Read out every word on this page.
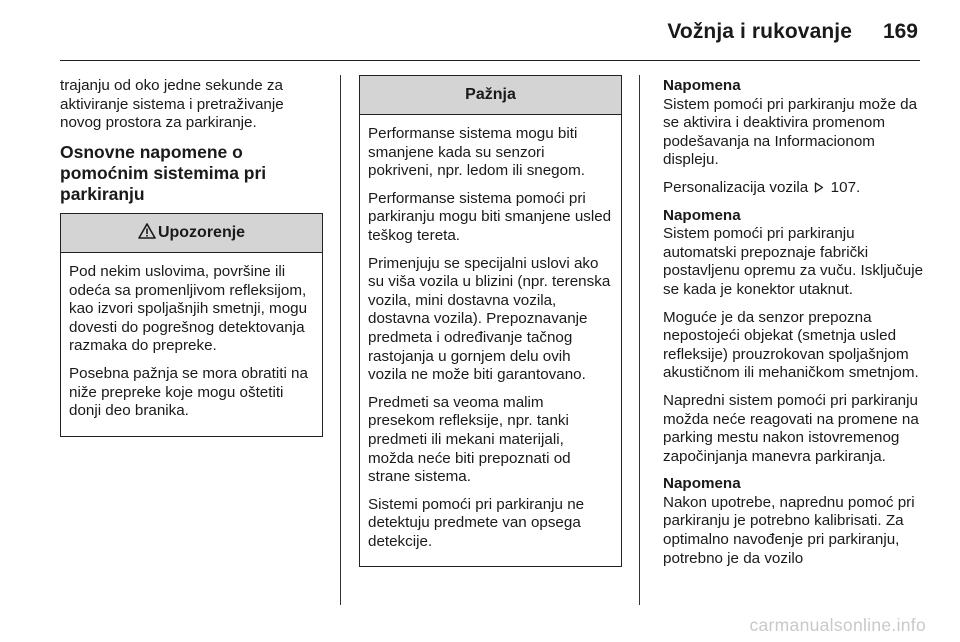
Vožnja i rukovanje 169

trajanju od oko jedne sekunde za aktiviranje sistema i pretraživanje novog prostora za parkiranje.

Osnovne napomene o pomoćnim sistemima pri parkiranju
Upozorenje

Pod nekim uslovima, površine ili odeća sa promenljivom refleksijom, kao izvori spoljašnjih smetnji, mogu dovesti do pogrešnog detektovanja razmaka do prepreke.

Posebna pažnja se mora obratiti na niže prepreke koje mogu oštetiti donji deo branika.

Pažnja

Performanse sistema mogu biti smanjene kada su senzori pokriveni, npr. ledom ili snegom.

Performanse sistema pomoći pri parkiranju mogu biti smanjene usled teškog tereta.

Primenjuju se specijalni uslovi ako su viša vozila u blizini (npr. terenska vozila, mini dostavna vozila, dostavna vozila). Prepoznavanje predmeta i određivanje tačnog rastojanja u gornjem delu ovih vozila ne može biti garantovano.

Predmeti sa veoma malim presekom refleksije, npr. tanki predmeti ili mekani materijali, možda neće biti prepoznati od strane sistema.

Sistemi pomoći pri parkiranju ne detektuju predmete van opsega detekcije.

Napomena

Sistem pomoći pri parkiranju može da se aktivira i deaktivira promenom podešavanja na Informacionom displeju.

Personalizacija vozila 107.

Napomena

Sistem pomoći pri parkiranju automatski prepoznaje fabrički postavljenu opremu za vuču. Isključuje se kada je konektor utaknut.

Moguće je da senzor prepozna nepostojeći objekat (smetnja usled refleksije) prouzrokovan spoljašnjom akustičnom ili mehaničkom smetnjom.

Napredni sistem pomoći pri parkiranju možda neće reagovati na promene na parking mestu nakon istovremenog započinjanja manevra parkiranja.

Napomena

Nakon upotrebe, naprednu pomoć pri parkiranju je potrebno kalibrisati. Za optimalno navođenje pri parkiranju, potrebno je da vozilo

carmanualsonline.info
